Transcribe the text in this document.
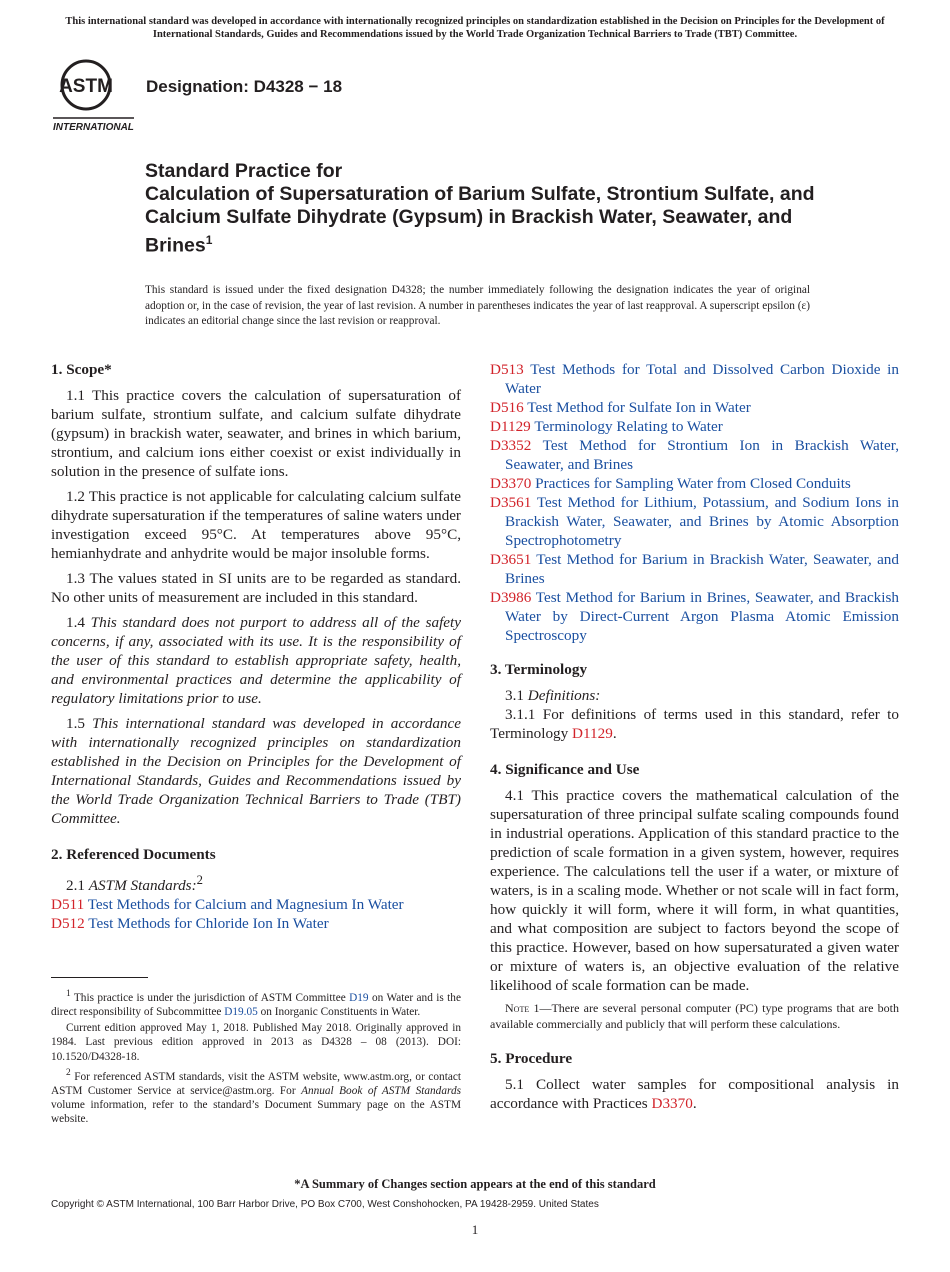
This international standard was developed in accordance with internationally recognized principles on standardization established in the Decision on Principles for the Development of International Standards, Guides and Recommendations issued by the World Trade Organization Technical Barriers to Trade (TBT) Committee.
ASTM
INTERNATIONAL
Designation: D4328 − 18
Standard Practice for
Calculation of Supersaturation of Barium Sulfate, Strontium Sulfate, and Calcium Sulfate Dihydrate (Gypsum) in Brackish Water, Seawater, and Brines$^1$
This standard is issued under the fixed designation D4328; the number immediately following the designation indicates the year of original adoption or, in the case of revision, the year of last revision. A number in parentheses indicates the year of last reapproval. A superscript epsilon (ε) indicates an editorial change since the last revision or reapproval.
1. Scope*

1.1 This practice covers the calculation of supersaturation of barium sulfate, strontium sulfate, and calcium sulfate dihydrate (gypsum) in brackish water, seawater, and brines in which barium, strontium, and calcium ions either coexist or exist individually in solution in the presence of sulfate ions.

1.2 This practice is not applicable for calculating calcium sulfate dihydrate supersaturation if the temperatures of saline waters under investigation exceed 95°C. At temperatures above 95°C, hemianhydrate and anhydrite would be major insoluble forms.

1.3 The values stated in SI units are to be regarded as standard. No other units of measurement are included in this standard.

1.4 This standard does not purport to address all of the safety concerns, if any, associated with its use. It is the responsibility of the user of this standard to establish appropriate safety, health, and environmental practices and determine the applicability of regulatory limitations prior to use.

1.5 This international standard was developed in accordance with internationally recognized principles on standardization established in the Decision on Principles for the Development of International Standards, Guides and Recommendations issued by the World Trade Organization Technical Barriers to Trade (TBT) Committee.

2. Referenced Documents

2.1 ASTM Standards:$^2$

D511 Test Methods for Calcium and Magnesium In Water
D512 Test Methods for Chloride Ion In Water

$^1$ This practice is under the jurisdiction of ASTM Committee D19 on Water and is the direct responsibility of Subcommittee D19.05 on Inorganic Constituents in Water.

Current edition approved May 1, 2018. Published May 2018. Originally approved in 1984. Last previous edition approved in 2013 as D4328 – 08 (2013). DOI: 10.1520/D4328-18.

$^2$ For referenced ASTM standards, visit the ASTM website, www.astm.org, or contact ASTM Customer Service at service@astm.org. For Annual Book of ASTM Standards volume information, refer to the standard’s Document Summary page on the ASTM website.

D513 Test Methods for Total and Dissolved Carbon Dioxide in Water
D516 Test Method for Sulfate Ion in Water
D1129 Terminology Relating to Water
D3352 Test Method for Strontium Ion in Brackish Water, Seawater, and Brines
D3370 Practices for Sampling Water from Closed Conduits
D3561 Test Method for Lithium, Potassium, and Sodium Ions in Brackish Water, Seawater, and Brines by Atomic Absorption Spectrophotometry
D3651 Test Method for Barium in Brackish Water, Seawater, and Brines
D3986 Test Method for Barium in Brines, Seawater, and Brackish Water by Direct-Current Argon Plasma Atomic Emission Spectroscopy
3. Terminology

3.1 Definitions:

3.1.1 For definitions of terms used in this standard, refer to Terminology D1129.

4. Significance and Use

4.1 This practice covers the mathematical calculation of the supersaturation of three principal sulfate scaling compounds found in industrial operations. Application of this standard practice to the prediction of scale formation in a given system, however, requires experience. The calculations tell the user if a water, or mixture of waters, is in a scaling mode. Whether or not scale will in fact form, how quickly it will form, where it will form, in what quantities, and what composition are subject to factors beyond the scope of this practice. However, based on how supersaturated a given water or mixture of waters is, an objective evaluation of the relative likelihood of scale formation can be made.

Note 1—There are several personal computer (PC) type programs that are both available commercially and publicly that will perform these calculations.
5. Procedure

5.1 Collect water samples for compositional analysis in accordance with Practices D3370.

*A Summary of Changes section appears at the end of this standard
Copyright © ASTM International, 100 Barr Harbor Drive, PO Box C700, West Conshohocken, PA 19428-2959. United States
1
